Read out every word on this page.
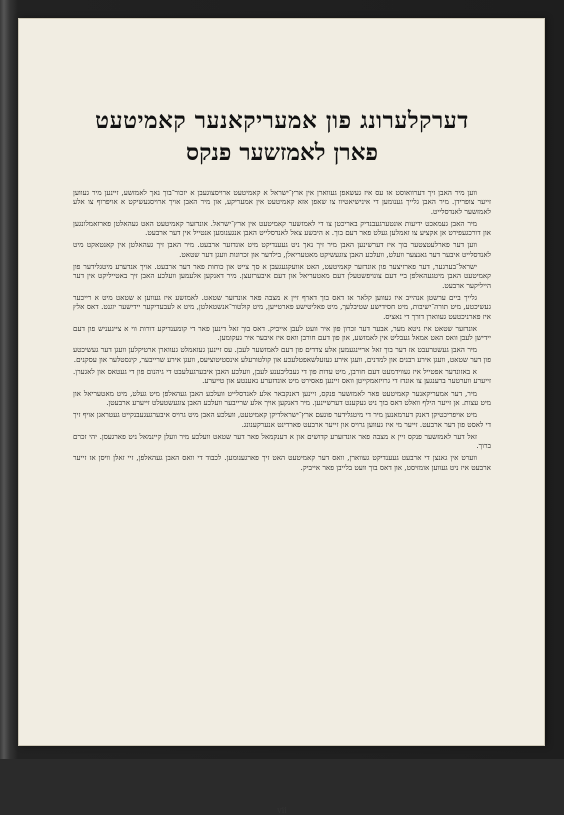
דערקלערונג פון אמעריקאנער קאמיטעט
פארן לאמזשער פנקס

ווען מיר האבן זיך דערוואוסט אז עס איז געשאפן געווארן אין ארץ־ישראל א קאמיטעט ארויסצוגעבן א יזכור־בוך נאך לאמזשע, זיינען מיר געווען זייער צופרידן. מיר האבן גלייך גענומען די אינישיאטיוו צו שאפן אזא קאמיטעט אין אמעריקע, און מיר האבן אויך ארויסגעשיקט א אויפרוף צו אלע לאמזשער לאנדסלייט.

מיר האבן געמאכט ידיעות אונטערגעבנדיק באריכטן צו די לאמזשער קאמיטעט אין ארץ־ישראל. אונדזער קאמיטעט האט געהאלטן פארזאמלונגען און דורכגעפירט אן אקציע צו זאמלען געלט פאר דעם בוך. א היבשע צאל לאנדסלייט האבן אנגענומען אנטייל אין דער ארבעט.

ווען דער פארלעטצטער בוך איז דערשינען האבן מיר זיך נאך ניט געענדיקט מיט אונדזער ארבעט. מיר האבן זיך געהאלטן אין קאנטאקט מיט לאנדסלייט איבער דער גאנצער וועלט, וועלכע האבן צוגעשיקט מאטעריאלן, בילדער און זכרונות וועגן דער שטאט.

ישראל־בערגער, דער פארזיצער פון אונדזער קאמיטעט, האט אוועקגעגעבן א סך צייט און כוחות פאר דער ארבעט. אויך אנדערע מיטגלידער פון קאמיטעט האבן מיטגעהאלפן ביי דעם צונויפשטעלן דעם מאטעריאל און דעם איבערזעצן. מיר דאנקען אלעמען וועלכע האבן זיך באטייליקט אין דער הייליקער ארבעט.

גלייך ביים ערשטן אנהייב איז געווען קלאר אז דאס בוך דארף זיין א מצבה פאר אונדזער שטאט. לאמזשע איז געווען א שטאט מיט א רייכער געשיכטע, מיט תורה־ישיבות, מיט חסידישע שטיבלעך, מיט פאליטישע פארטייען, מיט קולטור־אנשטאלטן, מיט א לעבעדיקער יידישער יוגנט. דאס אלץ איז פארניכטעט געווארן דורך די נאציס.

אונדזער שטאט איז ניטא מער, אבער דער זכרון פון איר וועט לעבן אייביק. דאס בוך זאל דינען פאר די קומענדיקע דורות ווי א צייגעניש פון דעם יידישן לעבן וואס האט אמאל געבליט אין לאמזשע, און פון דעם חורבן וואס איז איבער איר געקומען.

מיר האבן געשטרעבט אז דער בוך זאל אריינגעמען אלע צדדים פון דעם לאמזשער לעבן. עס זיינען געזאמלט געווארן ארטיקלען וועגן דער געשיכטע פון דער שטאט, וועגן אירע רבנים און למדנים, וועגן אירע געזעלשאפטלעכע און קולטורעלע אינסטיטוציעס, וועגן אירע שרייבער, קינסטלער און עסקנים.

א באזונדער אפטייל איז געווידמעט דעם חורבן, מיט עדות פון די געבליבענע לעבן, וועלכע האבן איבערגעלעבט די גיהנום פון די געטאס און לאגערן. זייערע ווערטער ברענגען צו אונדז די גרויזאמקייטן וואס זיינען פאסירט מיט אונדזערע נאענטע און טייערע.

מיר, דער אמעריקאנער קאמיטעט פאר לאמזשער פנקס, זיינען דאנקבאר אלע לאנדסלייט וועלכע האבן געהאלפן מיט געלט, מיט מאטעריאל און מיט עצות. אן זייער הילף וואלט דאס בוך ניט געקענט דערשיינען. מיר דאנקען אויך אלע שרייבער וועלכע האבן צוגעשטעלט זייערע ארבעטן.

מיט אויפריכטיקן דאנק דערמאנען מיר די מיטגלידער פונעם ארץ־ישראלדיקן קאמיטעט, וועלכע האבן מיט גרויס איבערגעגעבנקייט געטראגן אויף זיך די לאסט פון דער ארבעט. זייער מי איז געווען גרויס און זייער ארבעט פארדינט אנערקענונג.

זאל דער לאמזשער פנקס זיין א מצבה פאר אונדזערע קדושים און א דענקמאל פאר דער שטאט וועלכע מיר וועלן קיינמאל ניט פארגעסן. יהי זכרם ברוך.

ווערט אין גאנצן די ארבעט געענדיקט געווארן, וואס דער קאמיטעט האט זיך פארגענומען. לכבוד די וואס האבן געהאלפן, זיי זאלן וויסן אז זייער ארבעט איז ניט געווען אומזיסט, און דאס בוך וועט בלייבן פאר אייביק.

vii
